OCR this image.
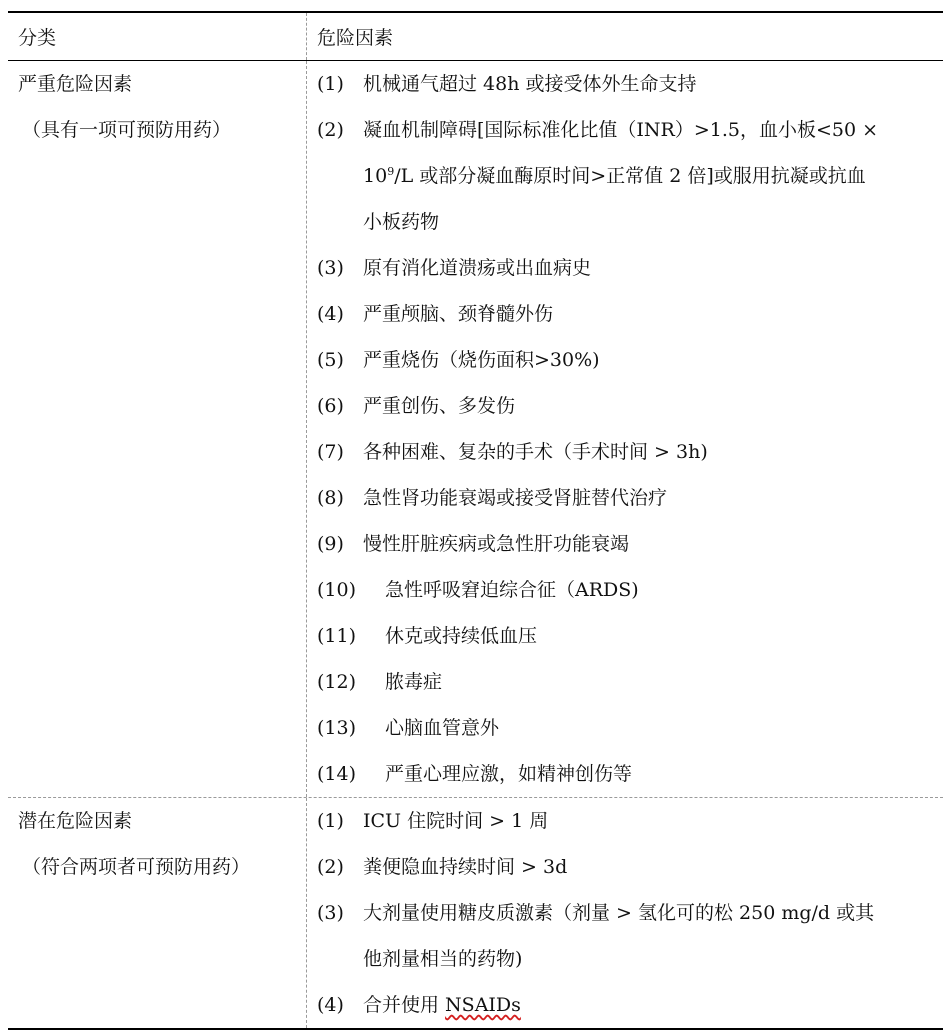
分类	危险因素
严重危险因素
（具有一项可预防用药）
(1)	机械通气超过 48h 或接受体外生命支持
(2)	凝血机制障碍[国际标准化比值（INR）>1.5，血小板<50 ×
$10^9/L$ 或部分凝血酶原时间>正常值 2 倍]或服用抗凝或抗血
小板药物
(3)	原有消化道溃疡或出血病史
(4)	严重颅脑、颈脊髓外伤
(5)	严重烧伤（烧伤面积>30%)
(6)	严重创伤、多发伤
(7)	各种困难、复杂的手术（手术时间 > 3h)
(8)	急性肾功能衰竭或接受肾脏替代治疗
(9)	慢性肝脏疾病或急性肝功能衰竭
(10)	急性呼吸窘迫综合征（ARDS)
(11)	休克或持续低血压
(12)	脓毒症
(13)	心脑血管意外
(14)	严重心理应激，如精神创伤等
潜在危险因素
（符合两项者可预防用药）
(1)	ICU 住院时间 > 1 周
(2)	粪便隐血持续时间 > 3d
(3)	大剂量使用糖皮质激素（剂量 > 氢化可的松 250 mg/d 或其
他剂量相当的药物)
(4)	合并使用 NSAIDs
